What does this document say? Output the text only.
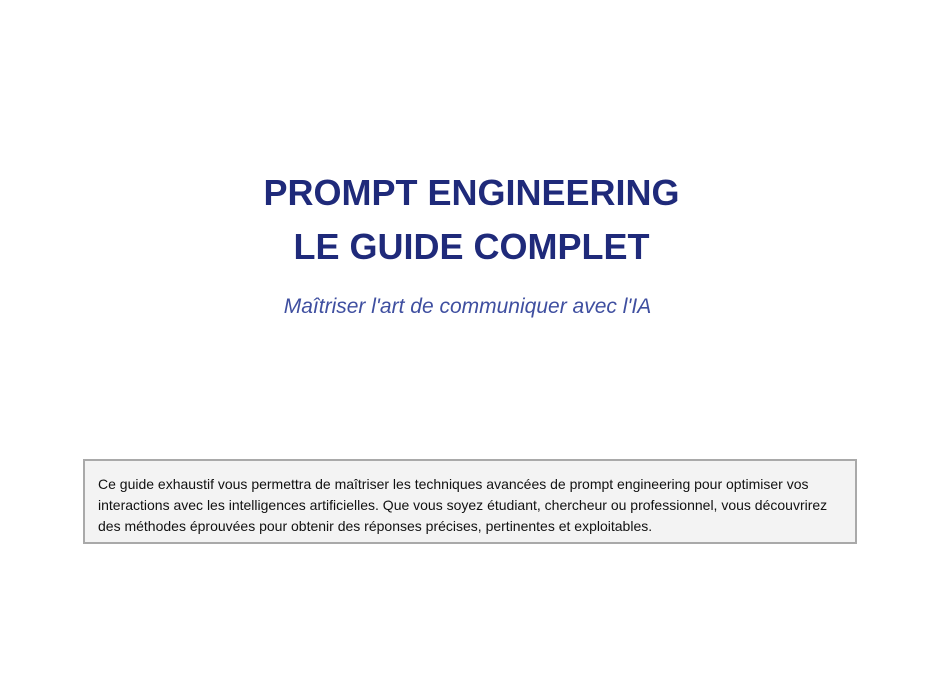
PROMPT ENGINEERING
LE GUIDE COMPLET
Maîtriser l'art de communiquer avec l'IA

Ce guide exhaustif vous permettra de maîtriser les techniques avancées de prompt engineering pour optimiser vos interactions avec les intelligences artificielles. Que vous soyez étudiant, chercheur ou professionnel, vous découvrirez des méthodes éprouvées pour obtenir des réponses précises, pertinentes et exploitables.
